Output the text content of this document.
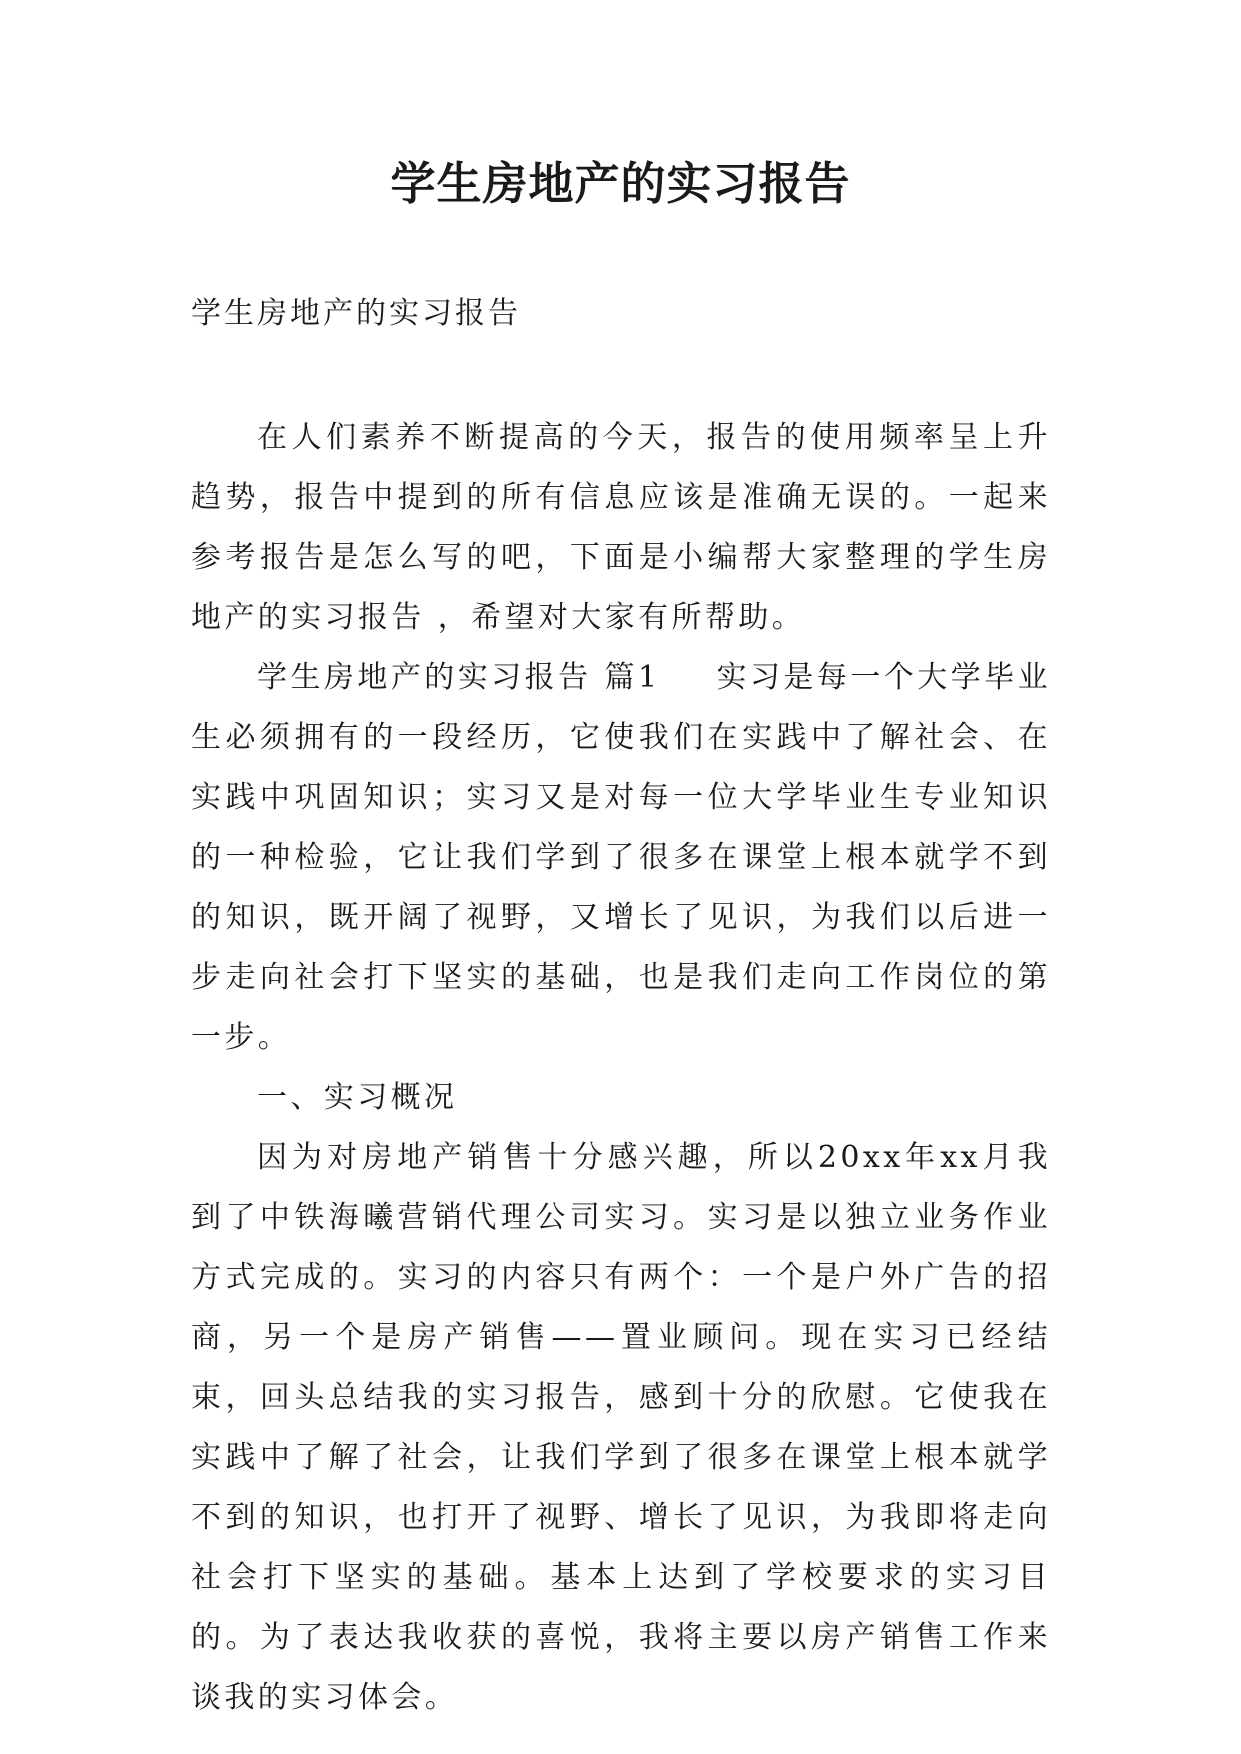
学生房地产的实习报告

学生房地产的实习报告

在人们素养不断提高的今天，报告的使用频率呈上升趋势，报告中提到的所有信息应该是准确无误的。一起来参考报告是怎么写的吧，下面是小编帮大家整理的学生房地产的实习报告 ，希望对大家有所帮助。

学生房地产的实习报告 篇1 实习是每一个大学毕业生必须拥有的一段经历，它使我们在实践中了解社会、在实践中巩固知识；实习又是对每一位大学毕业生专业知识的一种检验，它让我们学到了很多在课堂上根本就学不到的知识，既开阔了视野，又增长了见识，为我们以后进一步走向社会打下坚实的基础，也是我们走向工作岗位的第一步。

一、实习概况

因为对房地产销售十分感兴趣，所以20xx年xx月我到了中铁海曦营销代理公司实习。实习是以独立业务作业方式完成的。实习的内容只有两个：一个是户外广告的招商，另一个是房产销售——置业顾问。现在实习已经结束，回头总结我的实习报告，感到十分的欣慰。它使我在实践中了解了社会，让我们学到了很多在课堂上根本就学不到的知识，也打开了视野、增长了见识，为我即将走向社会打下坚实的基础。基本上达到了学校要求的实习目的。为了表达我收获的喜悦，我将主要以房产销售工作来谈我的实习体会。
